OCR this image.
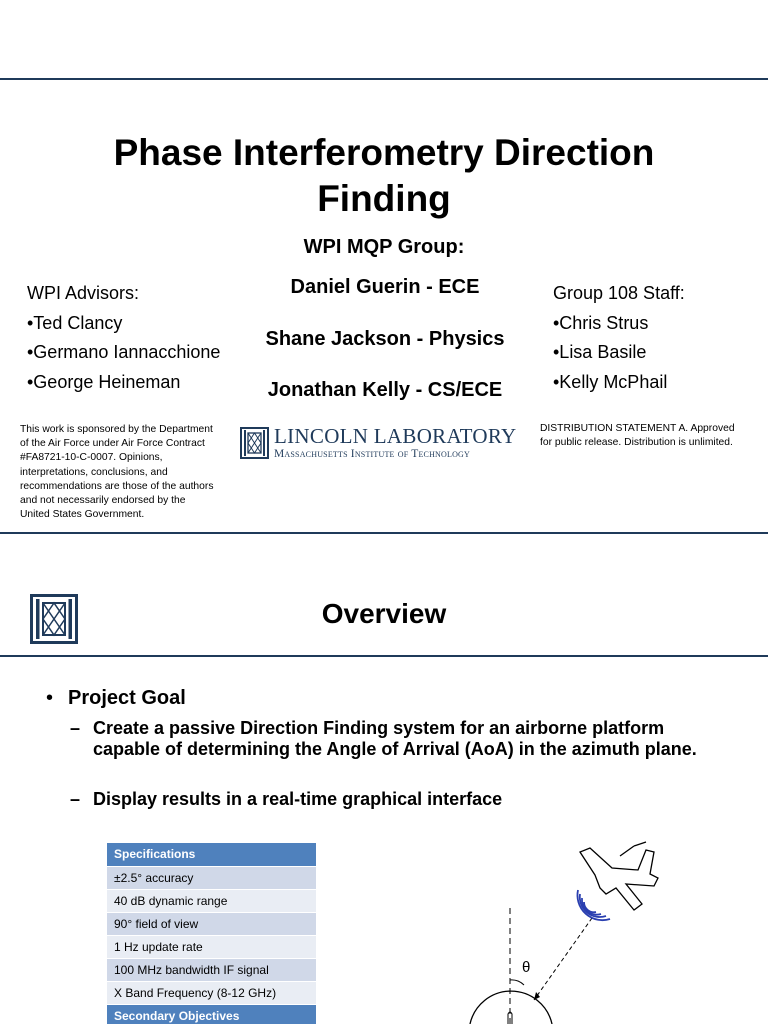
Phase Interferometry Direction
Finding
WPI MQP Group:
Daniel Guerin - ECE
Shane Jackson - Physics
Jonathan Kelly - CS/ECE
WPI Advisors:
•Ted Clancy
•Germano Iannacchione
•George Heineman
Group 108 Staff:
•Chris Strus
•Lisa Basile
•Kelly McPhail
This work is sponsored by the Department
of the Air Force under Air Force Contract
#FA8721-10-C-0007. Opinions,
interpretations, conclusions, and
recommendations are those of the authors
and not necessarily endorsed by the
United States Government.
LINCOLN LABORATORY
Massachusetts Institute of Technology
DISTRIBUTION STATEMENT A. Approved
for public release. Distribution is unlimited.
Overview
• Project Goal
– Create a passive Direction Finding system for an airborne platform capable of determining the Angle of Arrival (AoA) in the azimuth plane.
– Display results in a real-time graphical interface
Specifications
±2.5° accuracy
40 dB dynamic range
90° field of view
1 Hz update rate
100 MHz bandwidth IF signal
X Band Frequency (8-12 GHz)
Secondary Objectives
θ
